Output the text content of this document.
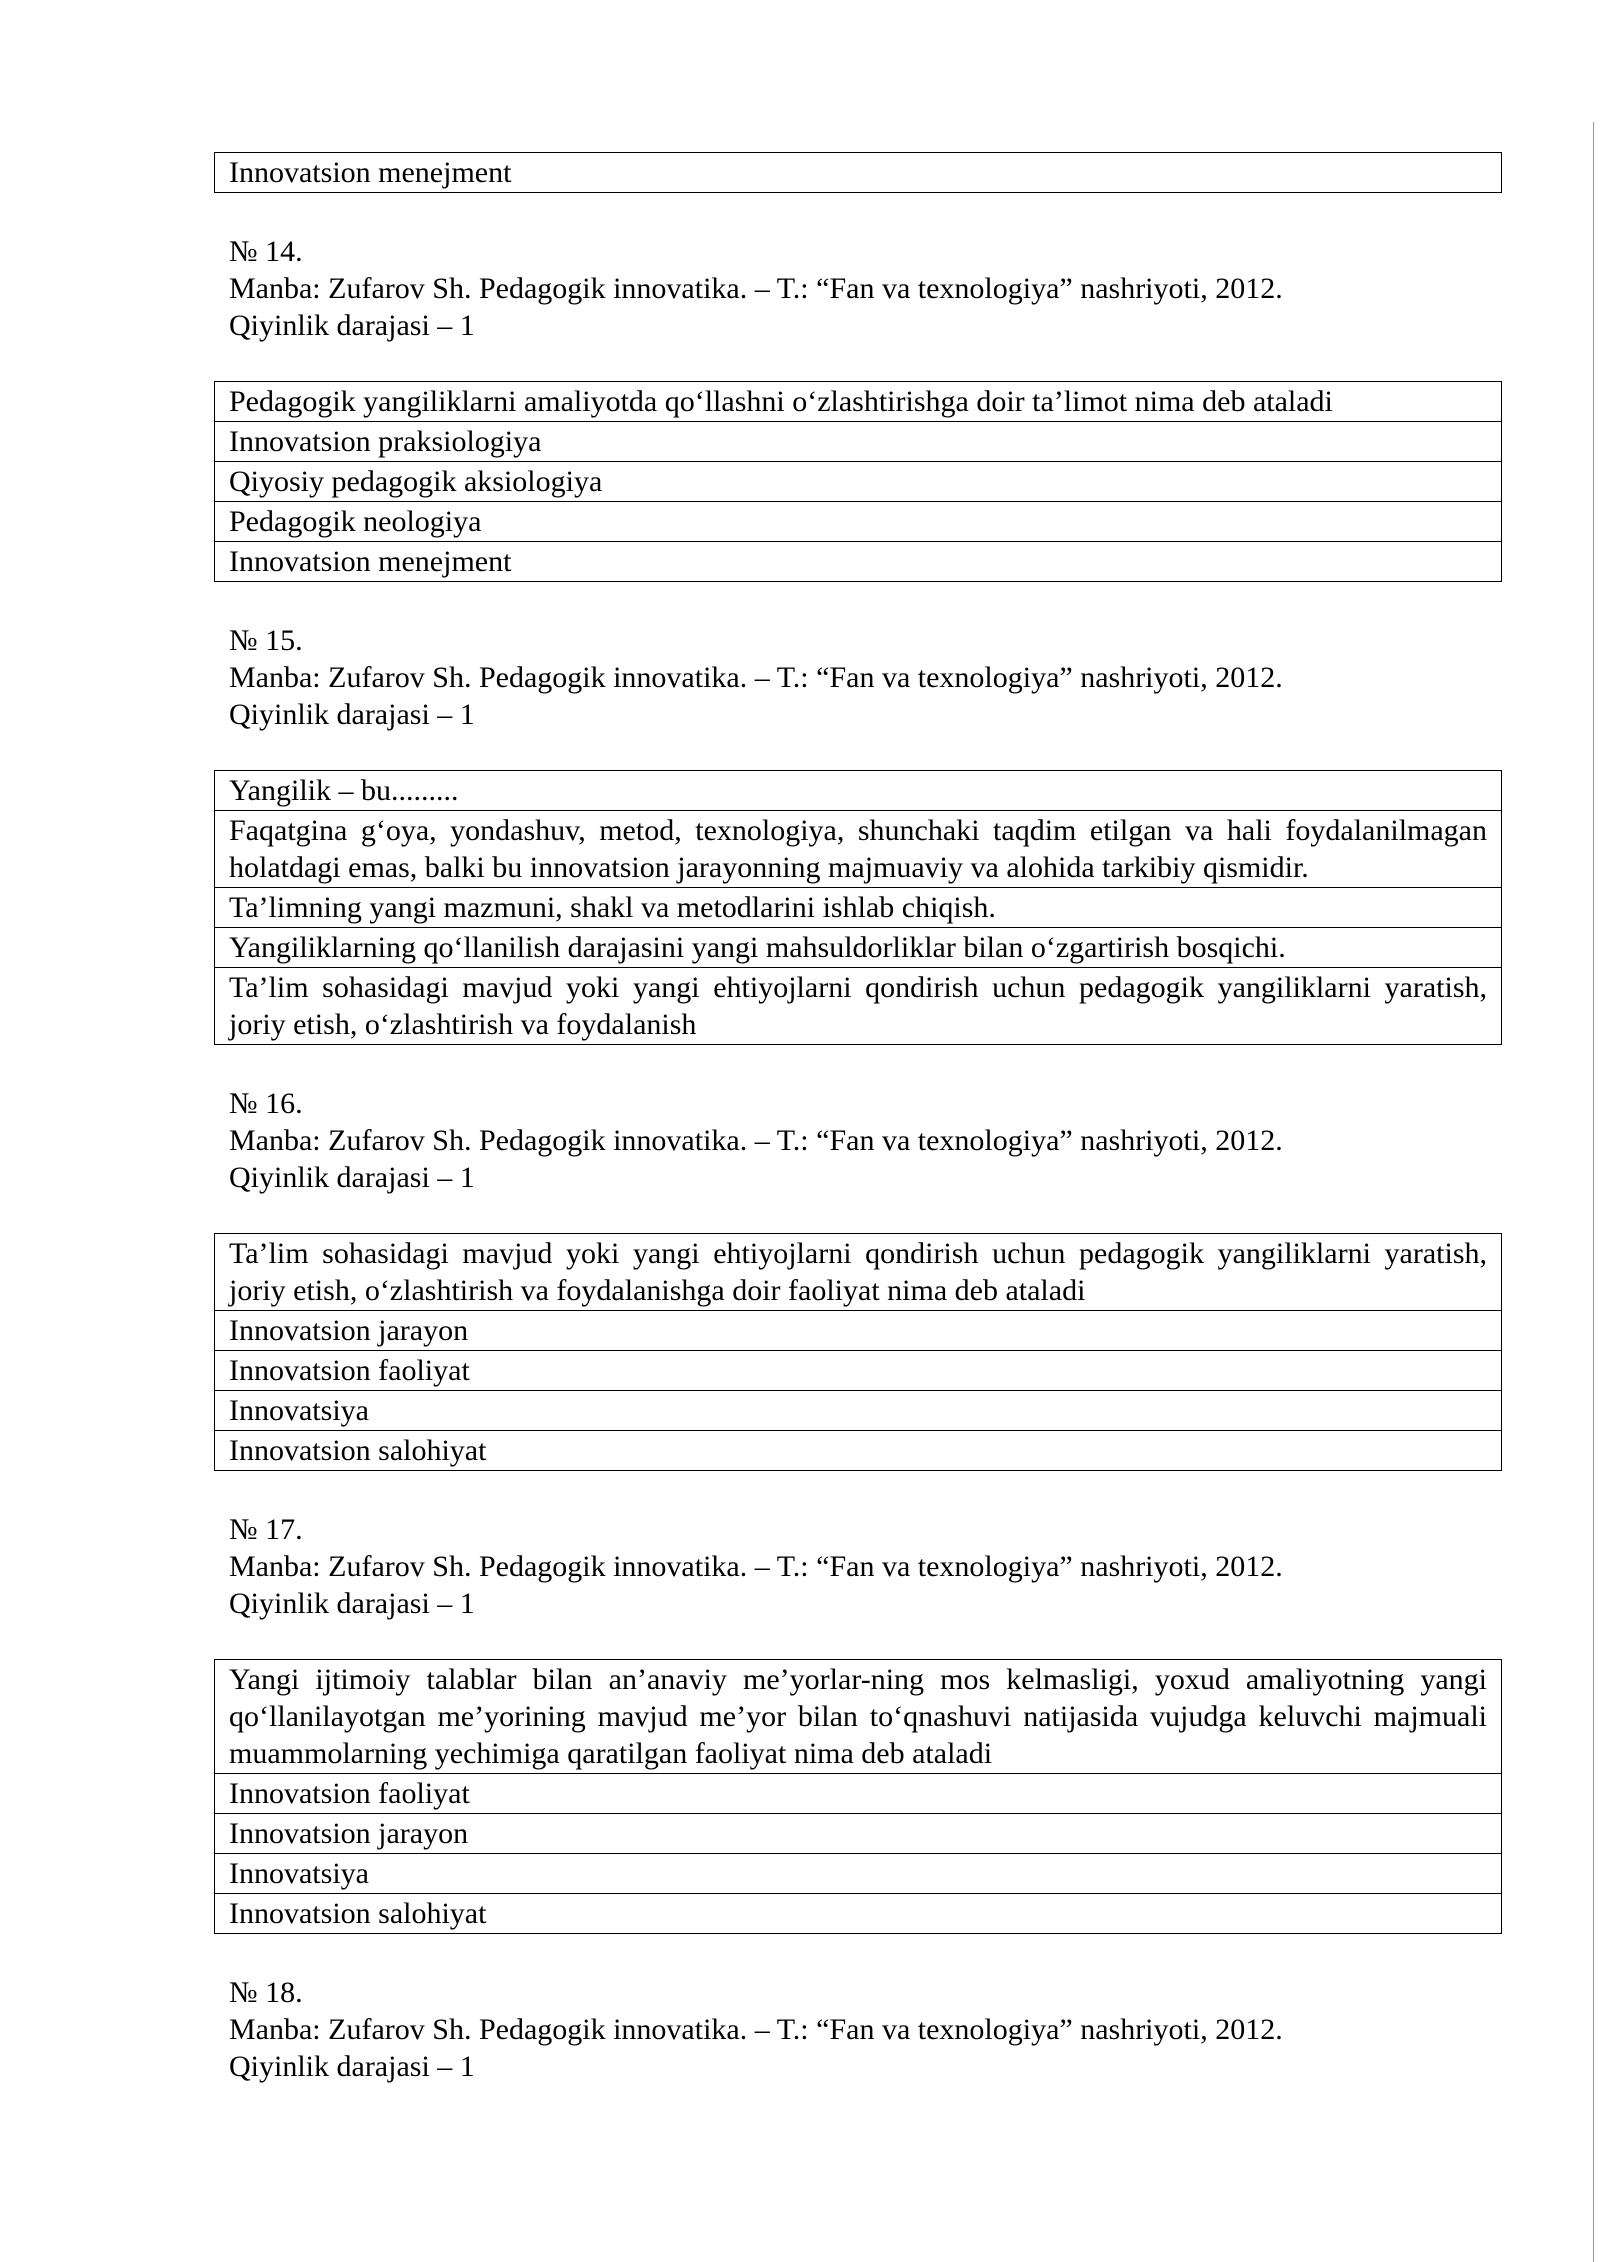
Innovatsion menejment
№ 14.
Manba: Zufarov Sh. Pedagogik innovatika. – T.: “Fan va texnologiya” nashriyoti, 2012.
Qiyinlik darajasi – 1
Pedagogik yangiliklarni amaliyotda qo‘llashni o‘zlashtirishga doir ta’limot nima deb ataladi
Innovatsion praksiologiya
Qiyosiy pedagogik aksiologiya
Pedagogik neologiya
Innovatsion menejment
№ 15.
Manba: Zufarov Sh. Pedagogik innovatika. – T.: “Fan va texnologiya” nashriyoti, 2012.
Qiyinlik darajasi – 1
Yangilik – bu.........
Faqatgina g‘oya, yondashuv, metod, texnologiya, shunchaki taqdim etilgan va hali foydalanilmagan holatdagi emas, balki bu innovatsion jarayonning majmuaviy va alohida tarkibiy qismidir.
Ta’limning yangi mazmuni, shakl va metodlarini ishlab chiqish.
Yangiliklarning qo‘llanilish darajasini yangi mahsuldorliklar bilan o‘zgartirish bosqichi.
Ta’lim sohasidagi mavjud yoki yangi ehtiyojlarni qondirish uchun pedagogik yangiliklarni yaratish, joriy etish, o‘zlashtirish va foydalanish
№ 16.
Manba: Zufarov Sh. Pedagogik innovatika. – T.: “Fan va texnologiya” nashriyoti, 2012.
Qiyinlik darajasi – 1
Ta’lim sohasidagi mavjud yoki yangi ehtiyojlarni qondirish uchun pedagogik yangiliklarni yaratish, joriy etish, o‘zlashtirish va foydalanishga doir faoliyat nima deb ataladi
Innovatsion jarayon
Innovatsion faoliyat
Innovatsiya
Innovatsion salohiyat
№ 17.
Manba: Zufarov Sh. Pedagogik innovatika. – T.: “Fan va texnologiya” nashriyoti, 2012.
Qiyinlik darajasi – 1
Yangi ijtimoiy talablar bilan an’anaviy me’yorlar-ning mos kelmasligi, yoxud amaliyotning yangi qo‘llanilayotgan me’yorining mavjud me’yor bilan to‘qnashuvi natijasida vujudga keluvchi majmuali muammolarning yechimiga qaratilgan faoliyat nima deb ataladi
Innovatsion faoliyat
Innovatsion jarayon
Innovatsiya
Innovatsion salohiyat
№ 18.
Manba: Zufarov Sh. Pedagogik innovatika. – T.: “Fan va texnologiya” nashriyoti, 2012.
Qiyinlik darajasi – 1
